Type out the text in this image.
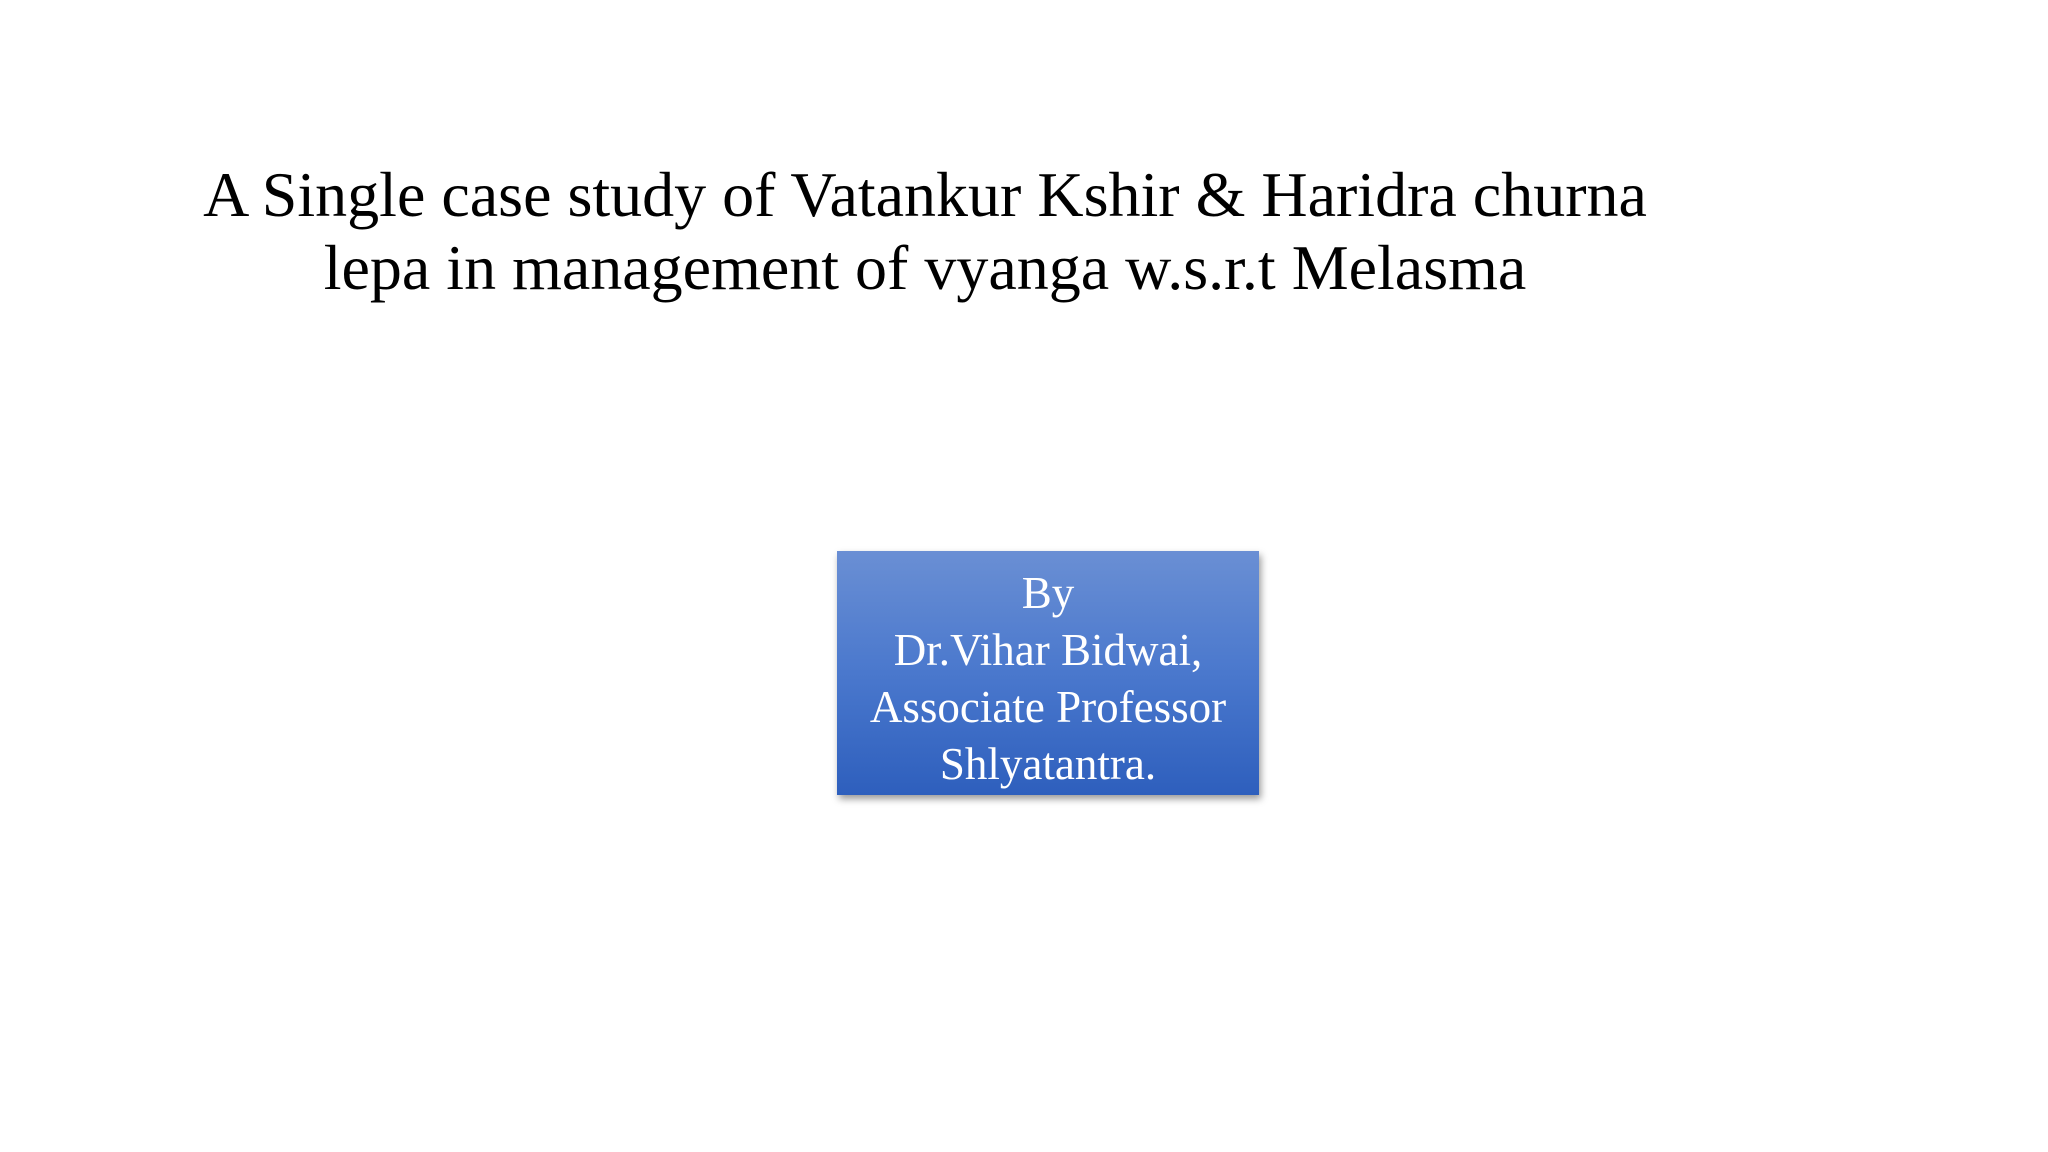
A Single case study of Vatankur Kshir & Haridra churna
lepa in management of vyanga w.s.r.t Melasma
By
Dr.Vihar Bidwai,
Associate Professor
Shlyatantra.
